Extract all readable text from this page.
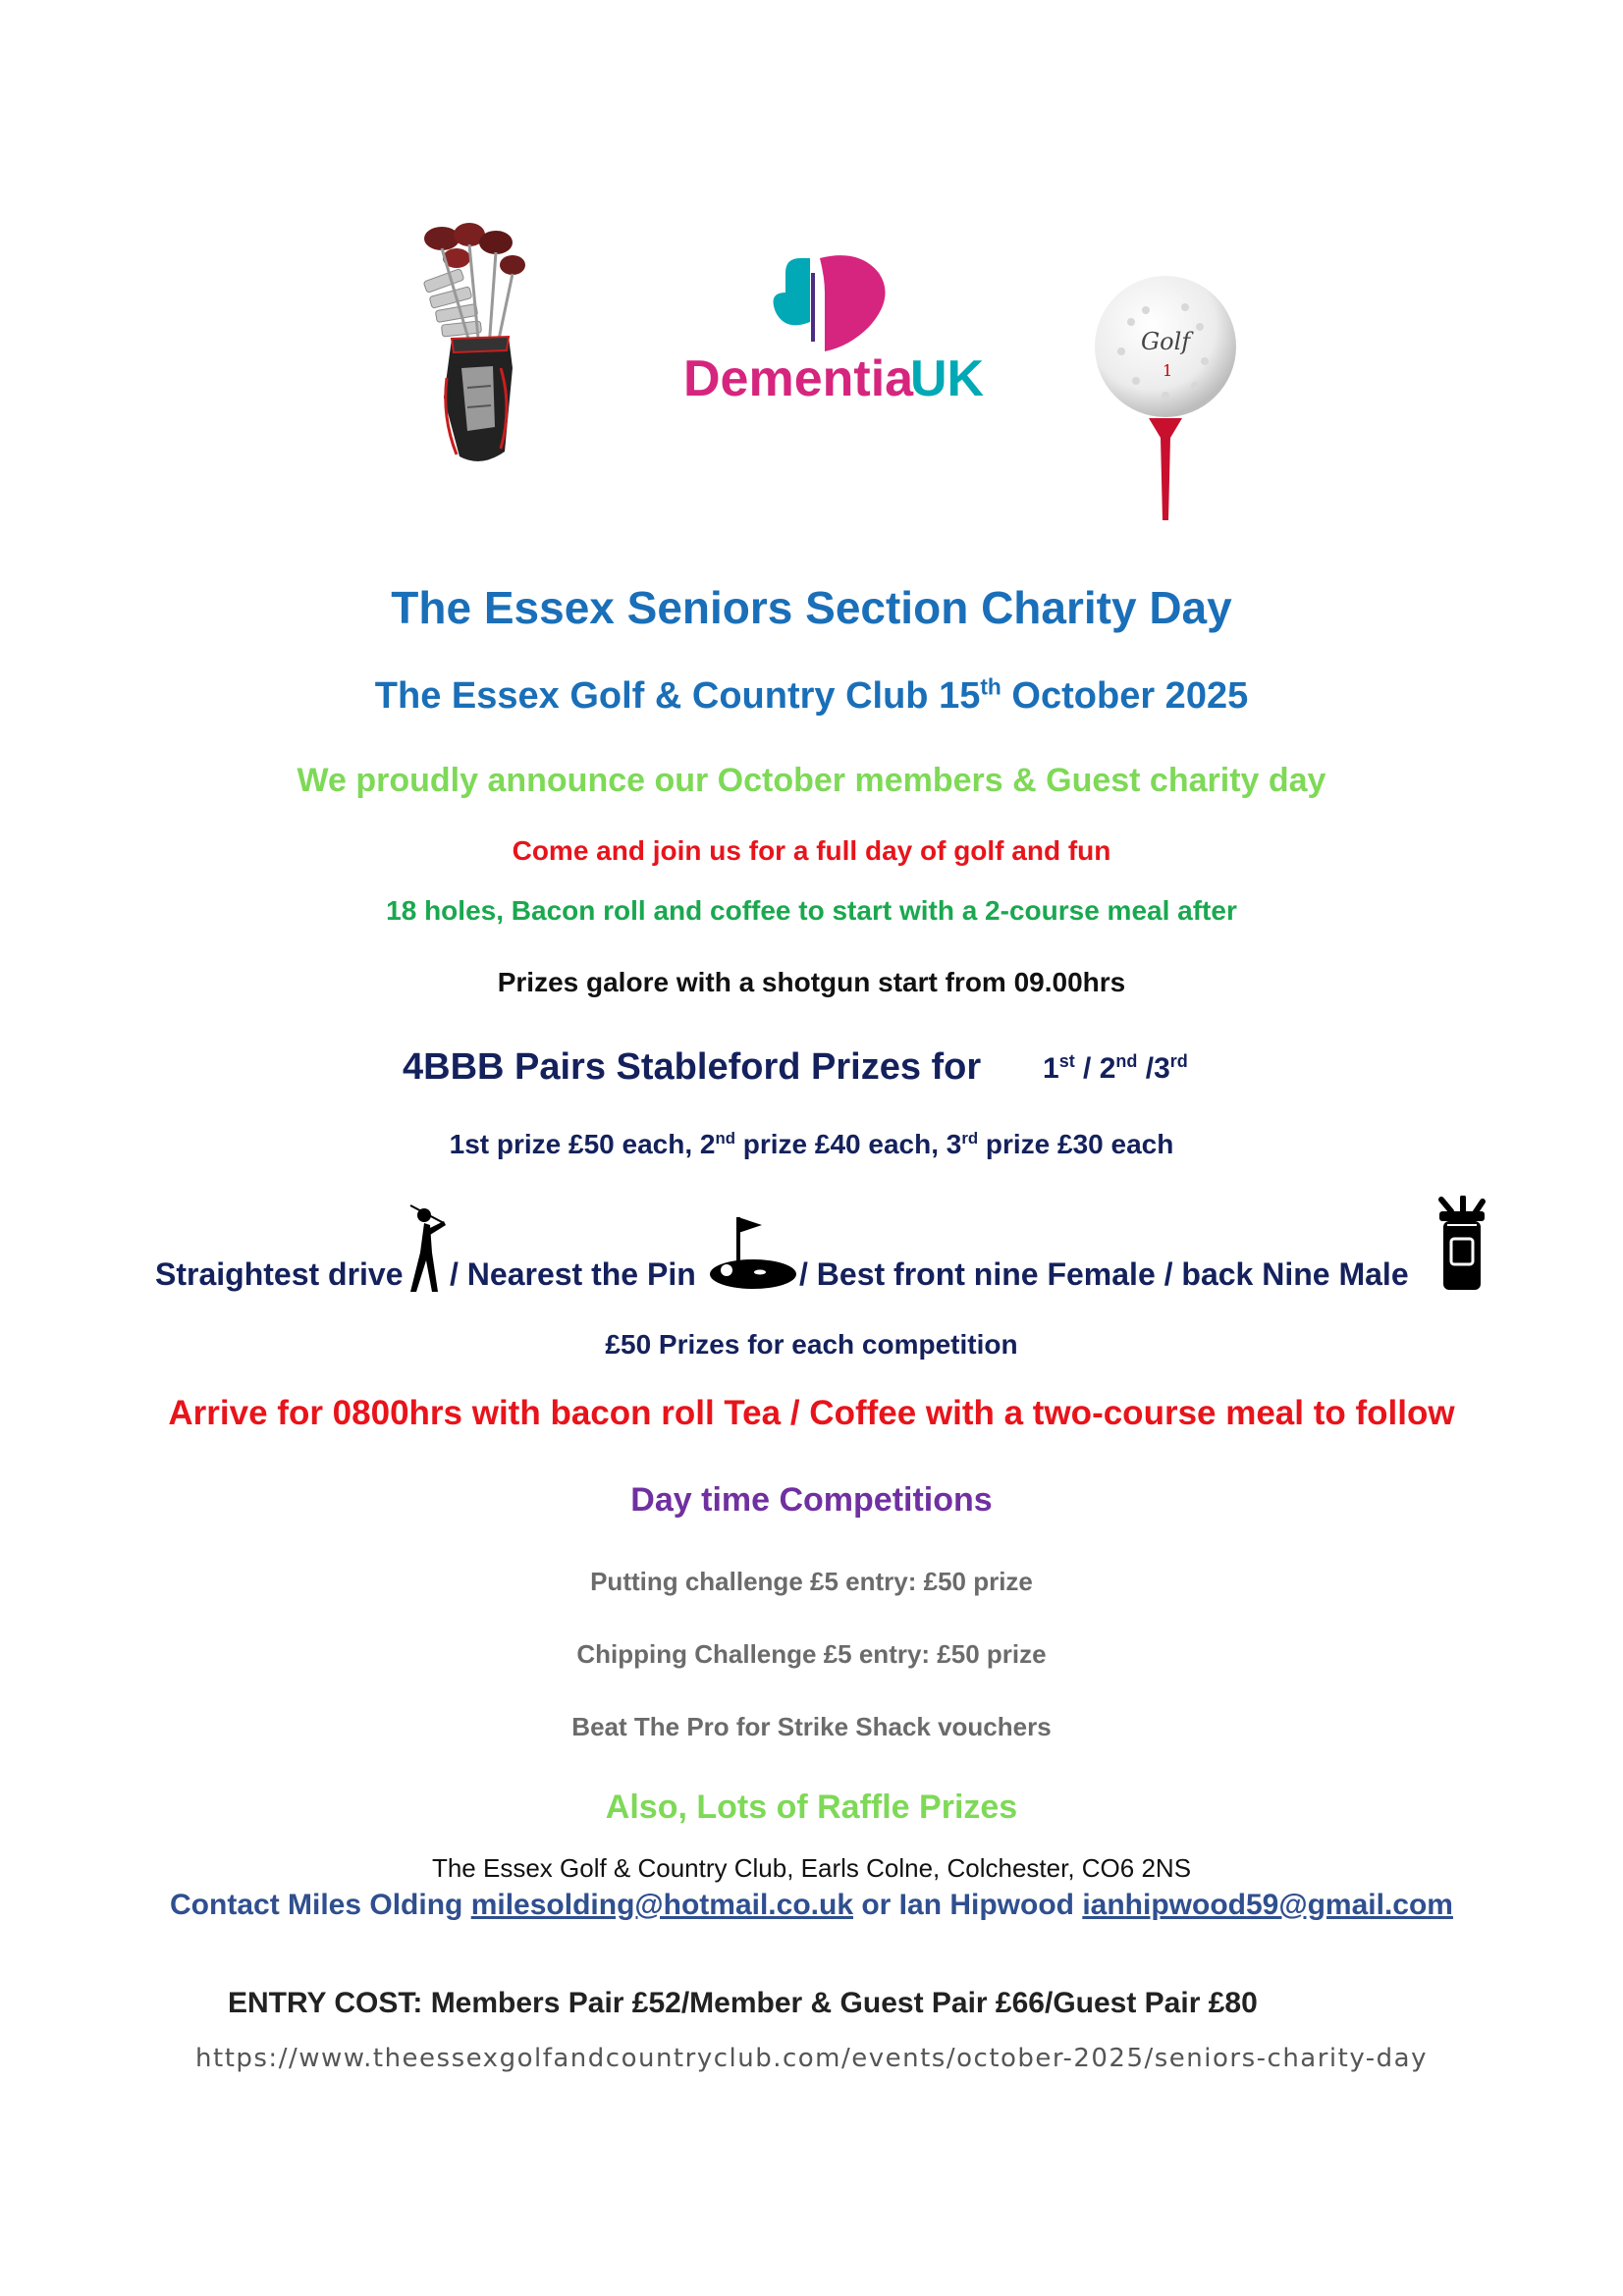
Dementia
UK
Golf
1
The Essex Seniors Section Charity Day
The Essex Golf & Country Club 15th October 2025
We proudly announce our October members & Guest charity day
Come and join us for a full day of golf and fun
18 holes, Bacon roll and coffee to start with a 2-course meal after
Prizes galore with a shotgun start from 09.00hrs
4BBB Pairs Stableford Prizes for 1st / 2nd /3rd
1st prize £50 each, 2nd prize £40 each, 3rd prize £30 each
Straightest drive / Nearest the Pin	/ Best front nine Female / back Nine Male
£50 Prizes for each competition
Arrive for 0800hrs with bacon roll Tea / Coffee with a two-course meal to follow
Day time Competitions
Putting challenge £5 entry: £50 prize
Chipping Challenge £5 entry: £50 prize
Beat The Pro for Strike Shack vouchers
Also, Lots of Raffle Prizes
The Essex Golf & Country Club, Earls Colne, Colchester, CO6 2NS
Contact Miles Olding milesolding@hotmail.co.uk or Ian Hipwood ianhipwood59@gmail.com
ENTRY COST: Members Pair £52/Member & Guest Pair £66/Guest Pair £80
https://www.theessexgolfandcountryclub.com/events/october-2025/seniors-charity-day
